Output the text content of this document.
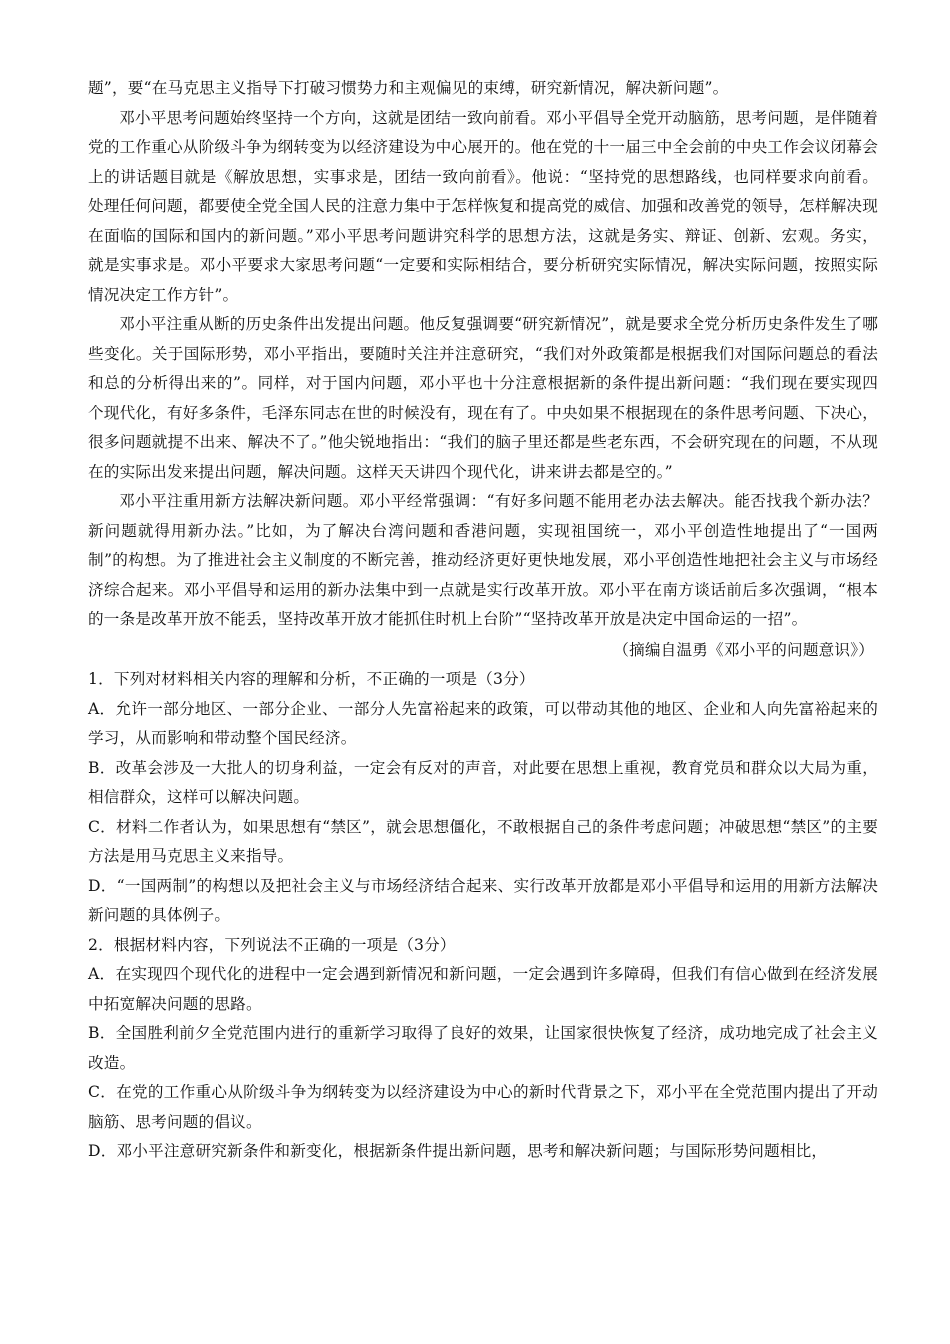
题”，要“在马克思主义指导下打破习惯势力和主观偏见的束缚，研究新情况，解决新问题”。

邓小平思考问题始终坚持一个方向，这就是团结一致向前看。邓小平倡导全党开动脑筋，思考问题，是伴随着党的工作重心从阶级斗争为纲转变为以经济建设为中心展开的。他在党的十一届三中全会前的中央工作会议闭幕会上的讲话题目就是《解放思想，实事求是，团结一致向前看》。他说：“坚持党的思想路线，也同样要求向前看。处理任何问题，都要使全党全国人民的注意力集中于怎样恢复和提高党的威信、加强和改善党的领导，怎样解决现在面临的国际和国内的新问题。”邓小平思考问题讲究科学的思想方法，这就是务实、辩证、创新、宏观。务实，就是实事求是。邓小平要求大家思考问题“一定要和实际相结合，要分析研究实际情况，解决实际问题，按照实际情况决定工作方针”。

邓小平注重从断的历史条件出发提出问题。他反复强调要“研究新情况”，就是要求全党分析历史条件发生了哪些变化。关于国际形势，邓小平指出，要随时关注并注意研究，“我们对外政策都是根据我们对国际问题总的看法和总的分析得出来的”。同样，对于国内问题，邓小平也十分注意根据新的条件提出新问题：“我们现在要实现四个现代化，有好多条件，毛泽东同志在世的时候没有，现在有了。中央如果不根据现在的条件思考问题、下决心，很多问题就提不出来、解决不了。”他尖锐地指出：“我们的脑子里还都是些老东西，不会研究现在的问题，不从现在的实际出发来提出问题，解决问题。这样天天讲四个现代化，讲来讲去都是空的。”

邓小平注重用新方法解决新问题。邓小平经常强调：“有好多问题不能用老办法去解决。能否找我个新办法？新问题就得用新办法。”比如，为了解决台湾问题和香港问题，实现祖国统一，邓小平创造性地提出了“一国两制”的构想。为了推进社会主义制度的不断完善，推动经济更好更快地发展，邓小平创造性地把社会主义与市场经济综合起来。邓小平倡导和运用的新办法集中到一点就是实行改革开放。邓小平在南方谈话前后多次强调，“根本的一条是改革开放不能丢，坚持改革开放才能抓住时机上台阶”“坚持改革开放是决定中国命运的一招”。

（摘编自温勇《邓小平的问题意识》）

1．下列对材料相关内容的理解和分析，不正确的一项是（3分）

A．允许一部分地区、一部分企业、一部分人先富裕起来的政策，可以带动其他的地区、企业和人向先富裕起来的学习，从而影响和带动整个国民经济。

B．改革会涉及一大批人的切身利益，一定会有反对的声音，对此要在思想上重视，教育党员和群众以大局为重，相信群众，这样可以解决问题。

C．材料二作者认为，如果思想有“禁区”，就会思想僵化，不敢根据自己的条件考虑问题；冲破思想“禁区”的主要方法是用马克思主义来指导。

D．“一国两制”的构想以及把社会主义与市场经济结合起来、实行改革开放都是邓小平倡导和运用的用新方法解决新问题的具体例子。

2．根据材料内容，下列说法不正确的一项是（3分）

A．在实现四个现代化的进程中一定会遇到新情况和新问题，一定会遇到许多障碍，但我们有信心做到在经济发展中拓宽解决问题的思路。

B．全国胜利前夕全党范围内进行的重新学习取得了良好的效果，让国家很快恢复了经济，成功地完成了社会主义改造。

C．在党的工作重心从阶级斗争为纲转变为以经济建设为中心的新时代背景之下，邓小平在全党范围内提出了开动脑筋、思考问题的倡议。

D．邓小平注意研究新条件和新变化，根据新条件提出新问题，思考和解决新问题；与国际形势问题相比，
